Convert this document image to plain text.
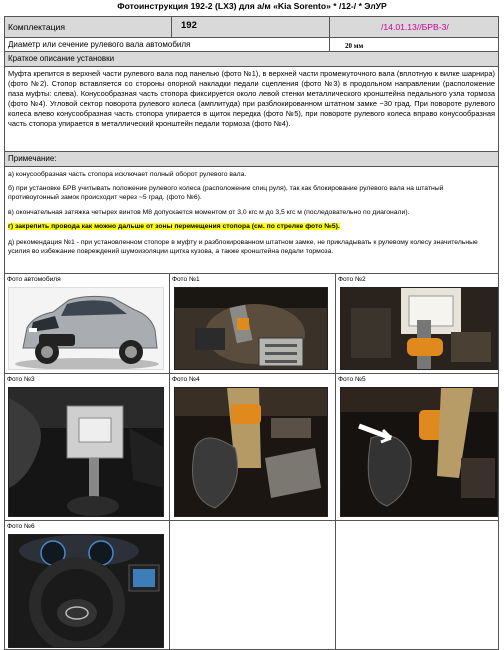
Фотоинструкция 192-2 (LX3) для а/м «Kia Sorento» * /12-/ * ЭлУР
Комплектация	192	/14.01.13//БРВ-3/
Диаметр или сечение рулевого вала автомобиля	20 мм
Краткое описание установки
Муфта крепится в верхней части рулевого вала под панелью (фото №1), в верхней части промежуточного вала (вплотную к вилке шарнира) (фото №2). Стопор вставляется со стороны опорной накладки педали сцепления (фото №3) в продольном направлении (расположение паза муфты: слева). Конусообразная часть стопора фиксируется около левой стенки металлического кронштейна педального узла тормоза (фото №4). Угловой сектор поворота рулевого колеса (амплитуда) при разблокированном штатном замке ~30 град. При повороте рулевого колеса влево конусообразная часть стопора упирается в щиток передка (фото №5), при повороте рулевого колеса вправо конусообразная часть стопора упирается в металлический кронштейн педали тормоза (фото №4).
Примечание:
а) конусообразная часть стопора исключает полный оборот рулевого вала.
б) при установке БРВ учитывать положение рулевого колеса (расположение спиц руля), так как блокирование рулевого вала на штатный противоугонный замок происходит через ~5 град. (фото №6).
в) окончательная затяжка четырех винтов М8 допускается моментом от 3,0 кгс м до 3,5 кгс м (последовательно по диагонали).
г) закрепить провода как можно дальше от зоны перемещения стопора (см. по стрелке фото №5).
д) рекомендация №1 - при установленном стопоре в муфту и разблокированном штатном замке, не прикладывать к рулевому колесу значительные усилия во избежание повреждений шумоизоляции щитка кузова, а также кронштейна педали тормоза.
Фото автомобиля	Фото №1	Фото №2
Фото №3	Фото №4	Фото №5
Фото №6
